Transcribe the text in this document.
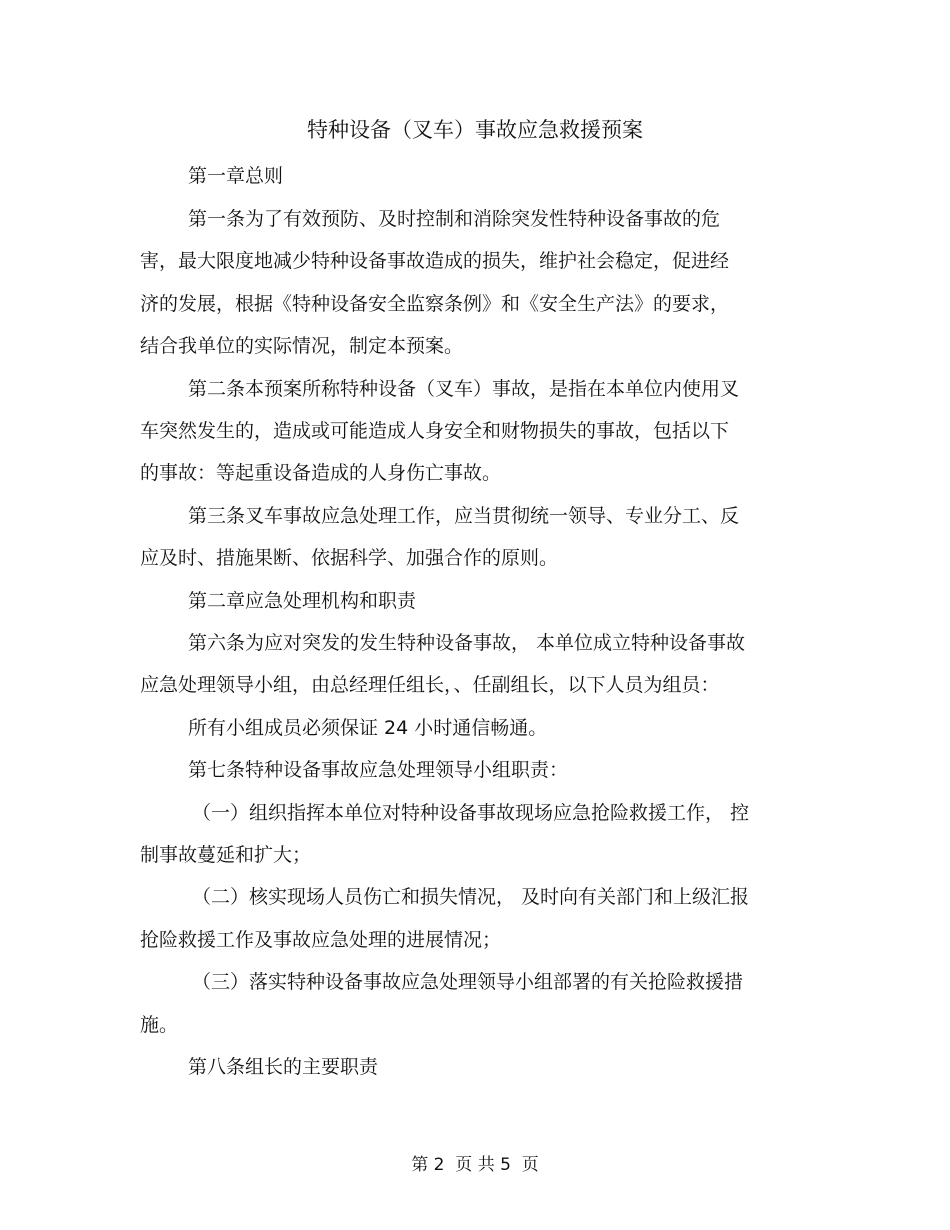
特种设备（叉车）事故应急救援预案
第一章总则
第一条为了有效预防、及时控制和消除突发性特种设备事故的危
害，最大限度地减少特种设备事故造成的损失，维护社会稳定，促进经
济的发展，根据《特种设备安全监察条例》和《安全生产法》的要求，
结合我单位的实际情况，制定本预案。
第二条本预案所称特种设备（叉车）事故，是指在本单位内使用叉
车突然发生的，造成或可能造成人身安全和财物损失的事故，包括以下
的事故：等起重设备造成的人身伤亡事故。
第三条叉车事故应急处理工作，应当贯彻统一领导、专业分工、反
应及时、措施果断、依据科学、加强合作的原则。
第二章应急处理机构和职责
第六条为应对突发的发生特种设备事故， 本单位成立特种设备事故
应急处理领导小组，由总经理任组长，、任副组长，以下人员为组员：
所有小组成员必须保证 24 小时通信畅通。
第七条特种设备事故应急处理领导小组职责：
（一）组织指挥本单位对特种设备事故现场应急抢险救援工作， 控
制事故蔓延和扩大；
（二）核实现场人员伤亡和损失情况， 及时向有关部门和上级汇报
抢险救援工作及事故应急处理的进展情况；
（三）落实特种设备事故应急处理领导小组部署的有关抢险救援措
施。
第八条组长的主要职责
第 2  页 共 5  页
